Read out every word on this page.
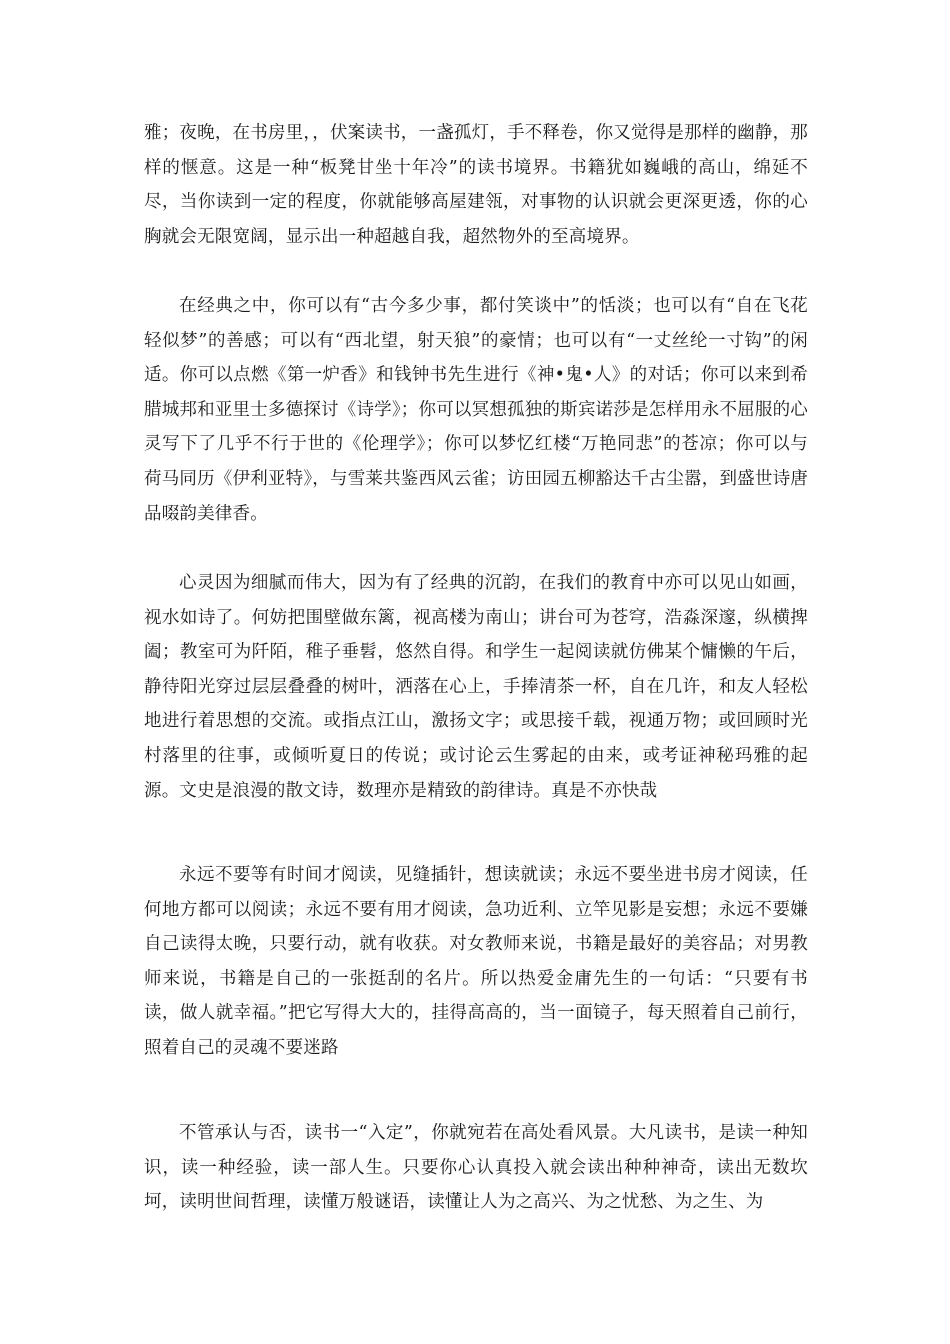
雅；夜晚，在书房里，，伏案读书，一盏孤灯，手不释卷，你又觉得是那样的幽静，那样的惬意。这是一种“板凳甘坐十年冷”的读书境界。书籍犹如巍峨的高山，绵延不尽，当你读到一定的程度，你就能够高屋建瓴，对事物的认识就会更深更透，你的心胸就会无限宽阔，显示出一种超越自我，超然物外的至高境界。

在经典之中，你可以有“古今多少事，都付笑谈中”的恬淡；也可以有“自在飞花轻似梦”的善感；可以有“西北望，射天狼”的豪情；也可以有“一丈丝纶一寸钩”的闲适。你可以点燃《第一炉香》和钱钟书先生进行《神•鬼•人》的对话；你可以来到希腊城邦和亚里士多德探讨《诗学》；你可以冥想孤独的斯宾诺莎是怎样用永不屈服的心灵写下了几乎不行于世的《伦理学》；你可以梦忆红楼“万艳同悲”的苍凉；你可以与荷马同历《伊利亚特》，与雪莱共鉴西风云雀；访田园五柳豁达千古尘嚣，到盛世诗唐品啜韵美律香。

心灵因为细腻而伟大，因为有了经典的沉韵，在我们的教育中亦可以见山如画，视水如诗了。何妨把围壁做东篱，视高楼为南山；讲台可为苍穹，浩淼深邃，纵横捭阖；教室可为阡陌，稚子垂髫，悠然自得。和学生一起阅读就仿佛某个慵懒的午后，静待阳光穿过层层叠叠的树叶，洒落在心上，手捧清茶一杯，自在几许，和友人轻松地进行着思想的交流。或指点江山，激扬文字；或思接千载，视通万物；或回顾时光村落里的往事，或倾听夏日的传说；或讨论云生雾起的由来，或考证神秘玛雅的起源。文史是浪漫的散文诗，数理亦是精致的韵律诗。真是不亦快哉

永远不要等有时间才阅读，见缝插针，想读就读；永远不要坐进书房才阅读，任何地方都可以阅读；永远不要有用才阅读，急功近利、立竿见影是妄想；永远不要嫌自己读得太晚，只要行动，就有收获。对女教师来说，书籍是最好的美容品；对男教师来说，书籍是自己的一张挺刮的名片。所以热爱金庸先生的一句话：“只要有书读，做人就幸福。”把它写得大大的，挂得高高的，当一面镜子，每天照着自己前行，照着自己的灵魂不要迷路

不管承认与否，读书一“入定”，你就宛若在高处看风景。大凡读书，是读一种知识，读一种经验，读一部人生。只要你心认真投入就会读出种种神奇，读出无数坎坷，读明世间哲理，读懂万般谜语，读懂让人为之高兴、为之忧愁、为之生、为
